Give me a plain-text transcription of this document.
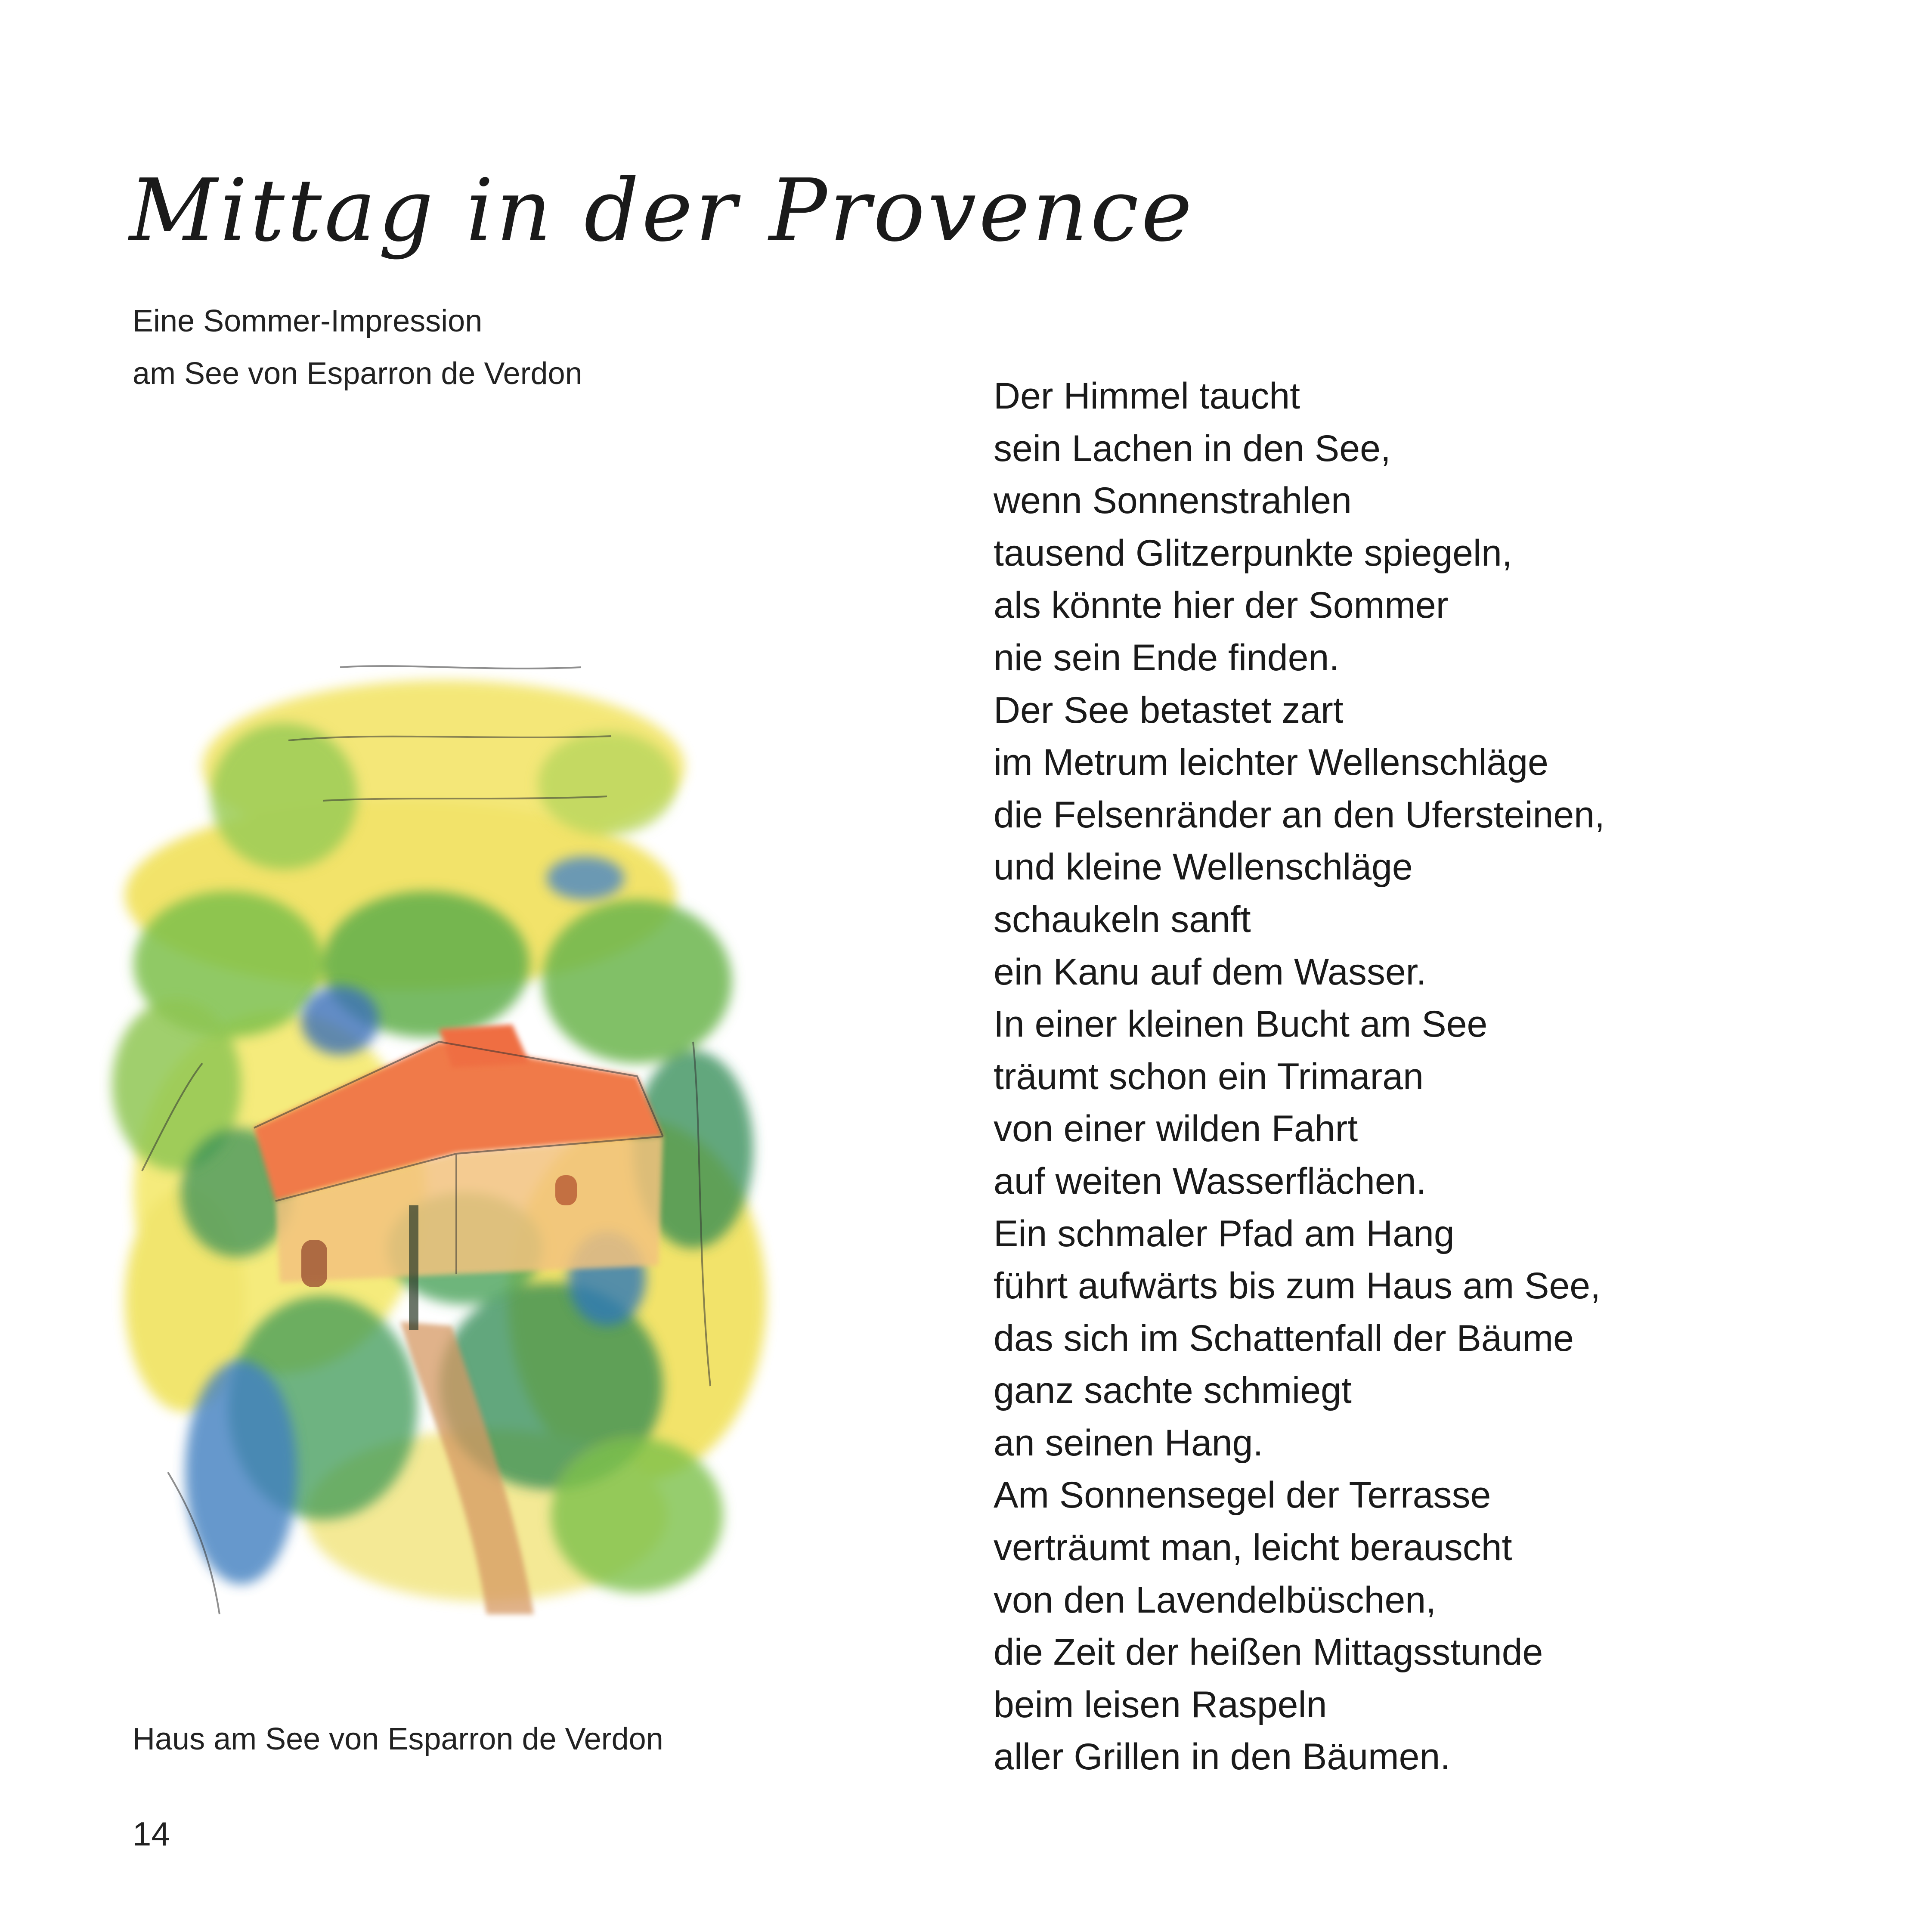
Mittag in der Provence
Eine Sommer-Impression
am See von Esparron de Verdon
Haus am See von Esparron de Verdon
14
Der Himmel taucht
sein Lachen in den See,
wenn Sonnenstrahlen
tausend Glitzerpunkte spiegeln,
als könnte hier der Sommer
nie sein Ende finden.
Der See betastet zart
im Metrum leichter Wellenschläge
die Felsenränder an den Ufersteinen,
und kleine Wellenschläge
schaukeln sanft
ein Kanu auf dem Wasser.
In einer kleinen Bucht am See
träumt schon ein Trimaran
von einer wilden Fahrt
auf weiten Wasserflächen.
Ein schmaler Pfad am Hang
führt aufwärts bis zum Haus am See,
das sich im Schattenfall der Bäume
ganz sachte schmiegt
an seinen Hang.
Am Sonnensegel der Terrasse
verträumt man, leicht berauscht
von den Lavendelbüschen,
die Zeit der heißen Mittagsstunde
beim leisen Raspeln
aller Grillen in den Bäumen.
